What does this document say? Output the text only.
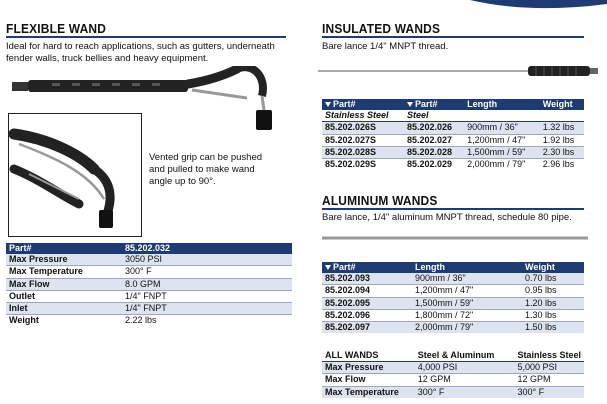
FLEXIBLE WAND
Ideal for hard to reach applications, such as gutters, underneath fender walls, truck bellies and heavy equipment.
Vented grip can be pushed and pulled to make wand angle up to 90°.
Part#	85.202.032
Max Pressure	3050 PSI
Max Temperature	300° F
Max Flow	8.0 GPM
Outlet	1/4" FNPT
Inlet	1/4" FNPT
Weight	2.22 lbs
INSULATED WANDS
Bare lance 1/4" MNPT thread.
Part#	Part#	Length	Weight
Stainless Steel	Steel		
85.202.026S	85.202.026	900mm / 36"	1.32 lbs
85.202.027S	85.202.027	1,200mm / 47"	1.92 lbs
85.202.028S	85.202.028	1,500mm / 59"	2.30 lbs
85.202.029S	85.202.029	2,000mm / 79"	2.96 lbs
ALUMINUM WANDS
Bare lance, 1/4" aluminum MNPT thread, schedule 80 pipe.
Part#	Length	Weight
85.202.093	900mm / 36"	0.70 lbs
85.202.094	1,200mm / 47"	0.95 lbs
85.202.095	1,500mm / 59"	1.20 lbs
85.202.096	1,800mm / 72"	1.30 lbs
85.202.097	2,000mm / 79"	1.50 lbs
ALL WANDS	Steel & Aluminum	Stainless Steel
Max Pressure	4,000 PSI	5,000 PSI
Max Flow	12 GPM	12 GPM
Max Temperature	300° F	300° F
